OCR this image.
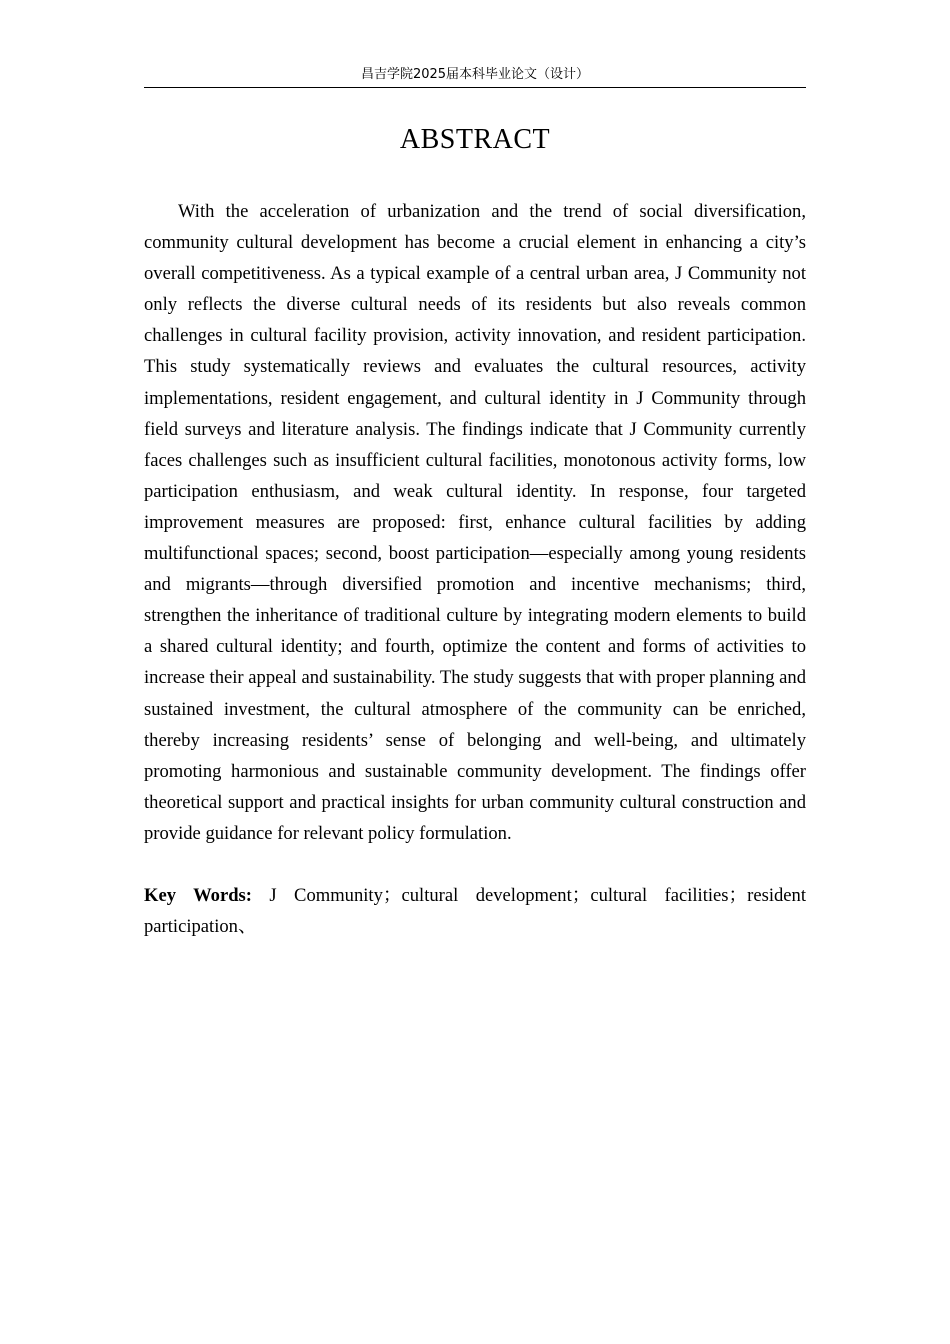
昌吉学院2025届本科毕业论文（设计）
ABSTRACT

With the acceleration of urbanization and the trend of social diversification, community cultural development has become a crucial element in enhancing a city’s overall competitiveness. As a typical example of a central urban area, J Community not only reflects the diverse cultural needs of its residents but also reveals common challenges in cultural facility provision, activity innovation, and resident participation. This study systematically reviews and evaluates the cultural resources, activity implementations, resident engagement, and cultural identity in J Community through field surveys and literature analysis. The findings indicate that J Community currently faces challenges such as insufficient cultural facilities, monotonous activity forms, low participation enthusiasm, and weak cultural identity. In response, four targeted improvement measures are proposed: first, enhance cultural facilities by adding multifunctional spaces; second, boost participation—especially among young residents and migrants—through diversified promotion and incentive mechanisms; third, strengthen the inheritance of traditional culture by integrating modern elements to build a shared cultural identity; and fourth, optimize the content and forms of activities to increase their appeal and sustainability. The study suggests that with proper planning and sustained investment, the cultural atmosphere of the community can be enriched, thereby increasing residents’ sense of belonging and well-being, and ultimately promoting harmonious and sustainable community development. The findings offer theoretical support and practical insights for urban community cultural construction and provide guidance for relevant policy formulation.

Key Words: J Community；cultural development；cultural facilities；resident participation、
